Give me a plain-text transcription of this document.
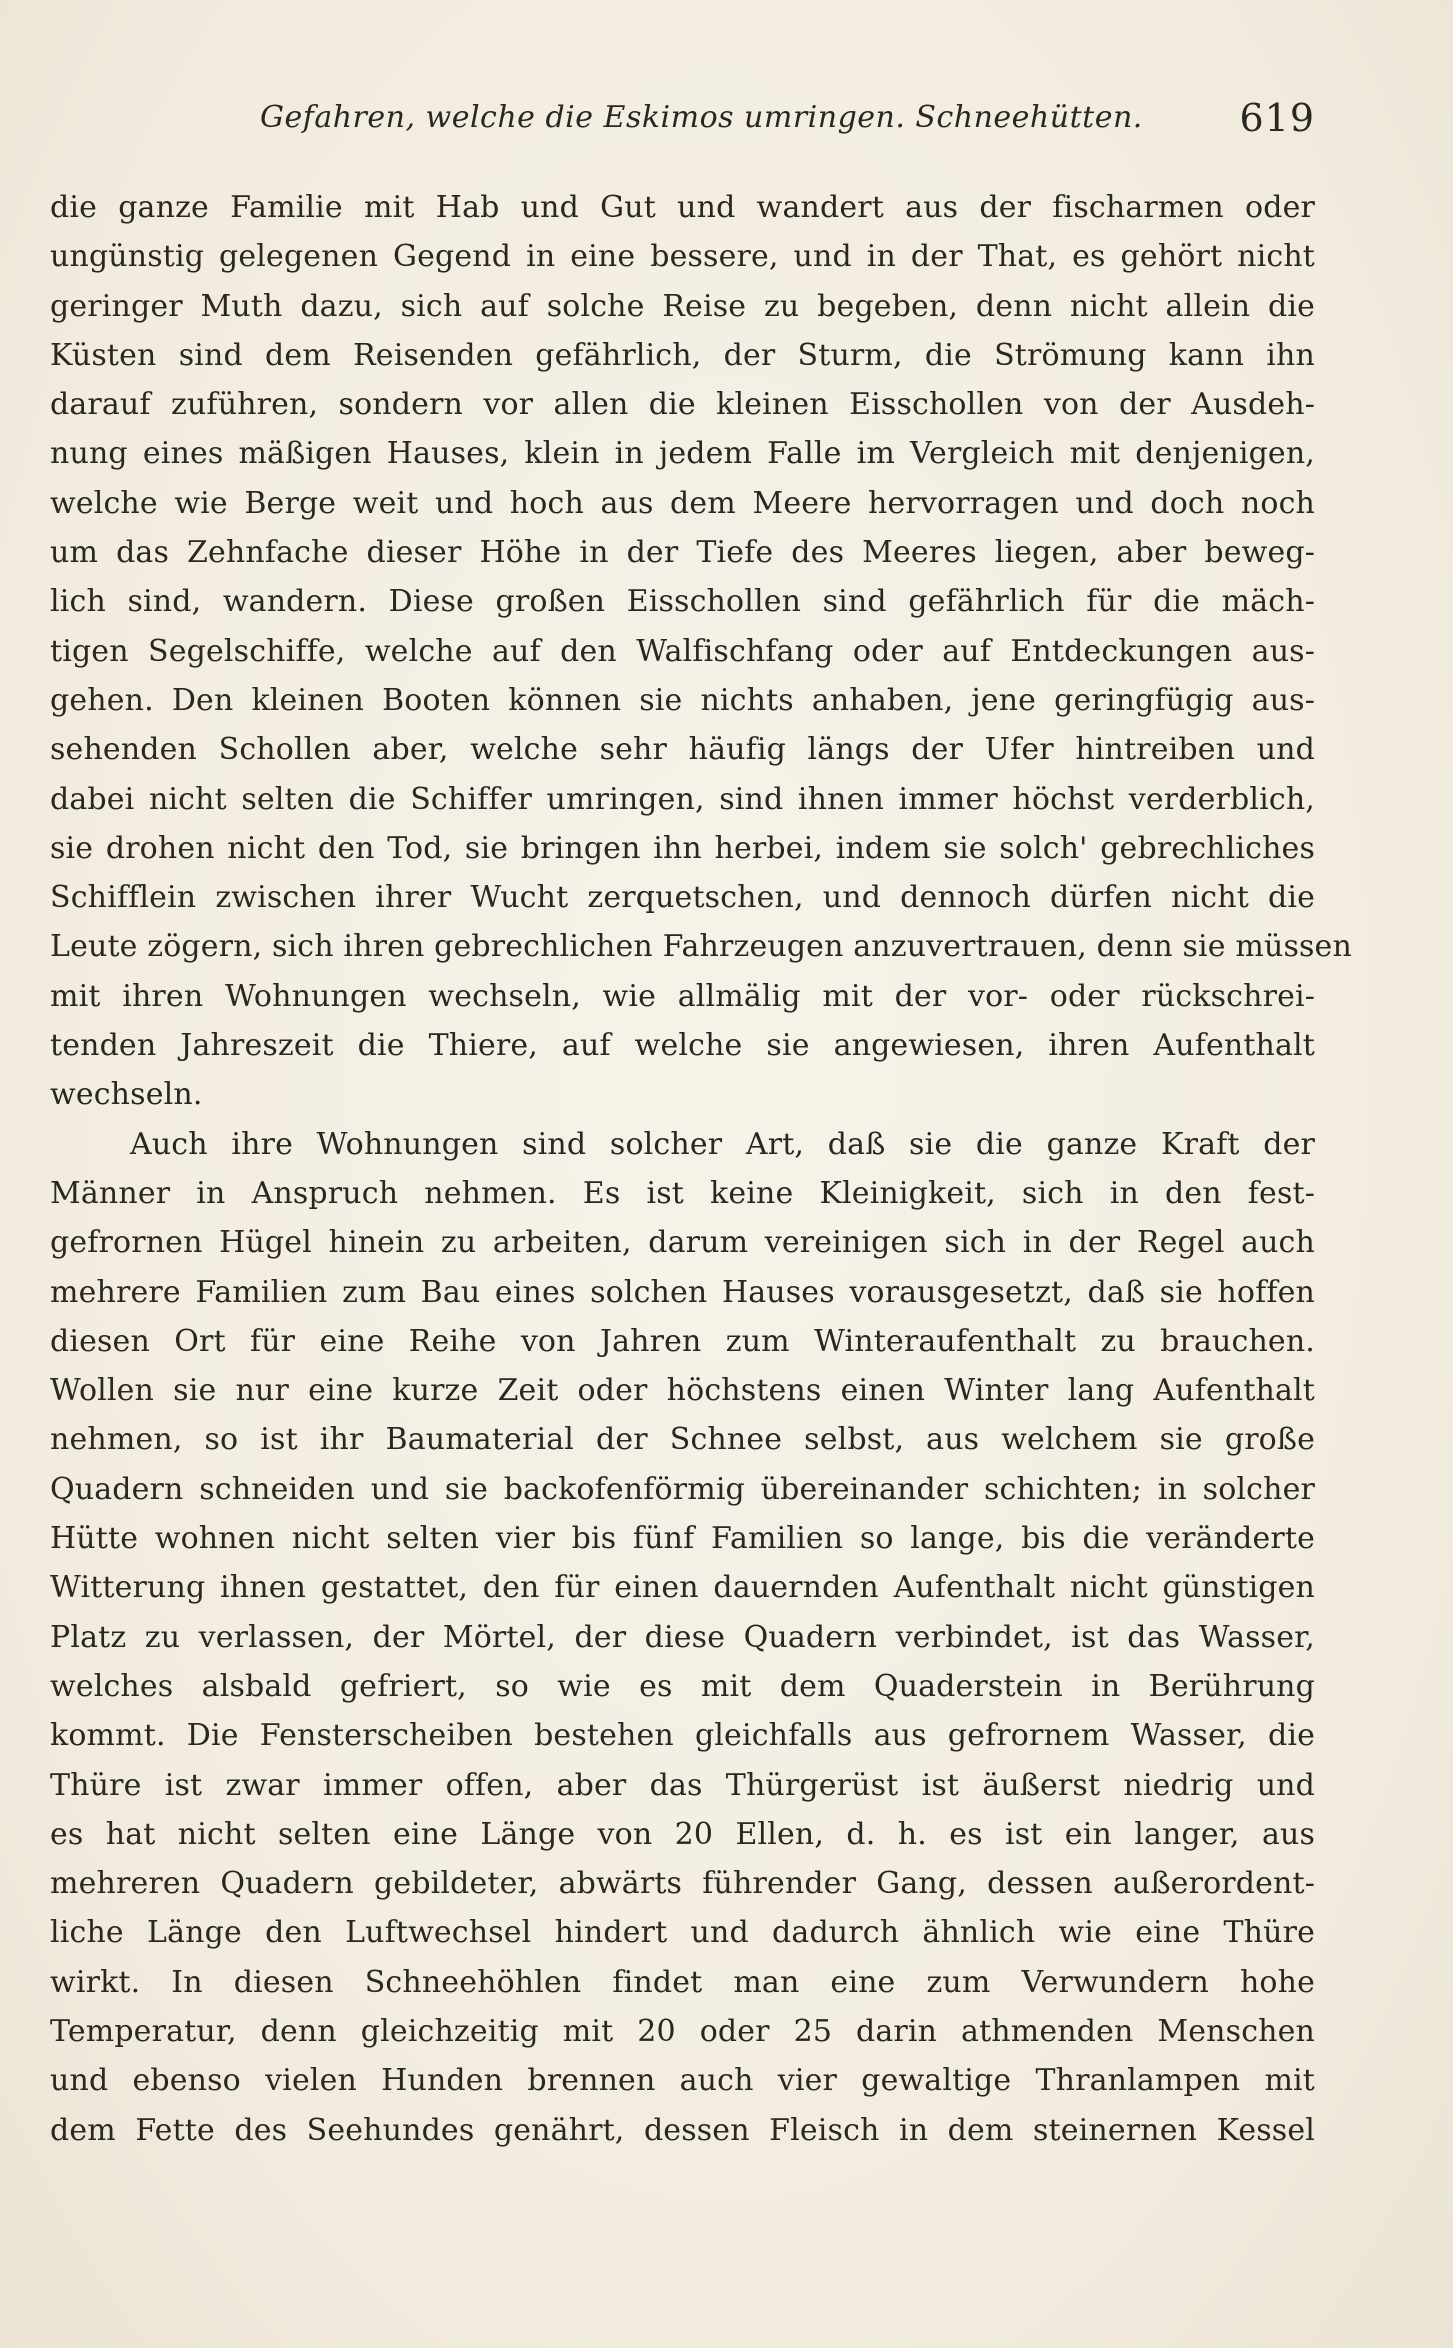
Gefahren, welche die Eskimos umringen. Schneehütten.	619
die ganze Familie mit Hab und Gut und wandert aus der fischarmen oder
ungünstig gelegenen Gegend in eine bessere, und in der That, es gehört nicht
geringer Muth dazu, sich auf solche Reise zu begeben, denn nicht allein die
Küsten sind dem Reisenden gefährlich, der Sturm, die Strömung kann ihn
darauf zuführen, sondern vor allen die kleinen Eisschollen von der Ausdeh-
nung eines mäßigen Hauses, klein in jedem Falle im Vergleich mit denjenigen,
welche wie Berge weit und hoch aus dem Meere hervorragen und doch noch
um das Zehnfache dieser Höhe in der Tiefe des Meeres liegen, aber beweg-
lich sind, wandern. Diese großen Eisschollen sind gefährlich für die mäch-
tigen Segelschiffe, welche auf den Walfischfang oder auf Entdeckungen aus-
gehen. Den kleinen Booten können sie nichts anhaben, jene geringfügig aus-
sehenden Schollen aber, welche sehr häufig längs der Ufer hintreiben und
dabei nicht selten die Schiffer umringen, sind ihnen immer höchst verderblich,
sie drohen nicht den Tod, sie bringen ihn herbei, indem sie solch' gebrechliches
Schifflein zwischen ihrer Wucht zerquetschen, und dennoch dürfen nicht die
Leute zögern, sich ihren gebrechlichen Fahrzeugen anzuvertrauen, denn sie müssen
mit ihren Wohnungen wechseln, wie allmälig mit der vor- oder rückschrei-
tenden Jahreszeit die Thiere, auf welche sie angewiesen, ihren Aufenthalt
wechseln.
Auch ihre Wohnungen sind solcher Art, daß sie die ganze Kraft der
Männer in Anspruch nehmen. Es ist keine Kleinigkeit, sich in den fest-
gefrornen Hügel hinein zu arbeiten, darum vereinigen sich in der Regel auch
mehrere Familien zum Bau eines solchen Hauses vorausgesetzt, daß sie hoffen
diesen Ort für eine Reihe von Jahren zum Winteraufenthalt zu brauchen.
Wollen sie nur eine kurze Zeit oder höchstens einen Winter lang Aufenthalt
nehmen, so ist ihr Baumaterial der Schnee selbst, aus welchem sie große
Quadern schneiden und sie backofenförmig übereinander schichten; in solcher
Hütte wohnen nicht selten vier bis fünf Familien so lange, bis die veränderte
Witterung ihnen gestattet, den für einen dauernden Aufenthalt nicht günstigen
Platz zu verlassen, der Mörtel, der diese Quadern verbindet, ist das Wasser,
welches alsbald gefriert, so wie es mit dem Quaderstein in Berührung
kommt. Die Fensterscheiben bestehen gleichfalls aus gefrornem Wasser, die
Thüre ist zwar immer offen, aber das Thürgerüst ist äußerst niedrig und
es hat nicht selten eine Länge von 20 Ellen, d. h. es ist ein langer, aus
mehreren Quadern gebildeter, abwärts führender Gang, dessen außerordent-
liche Länge den Luftwechsel hindert und dadurch ähnlich wie eine Thüre
wirkt. In diesen Schneehöhlen findet man eine zum Verwundern hohe
Temperatur, denn gleichzeitig mit 20 oder 25 darin athmenden Menschen
und ebenso vielen Hunden brennen auch vier gewaltige Thranlampen mit
dem Fette des Seehundes genährt, dessen Fleisch in dem steinernen Kessel
